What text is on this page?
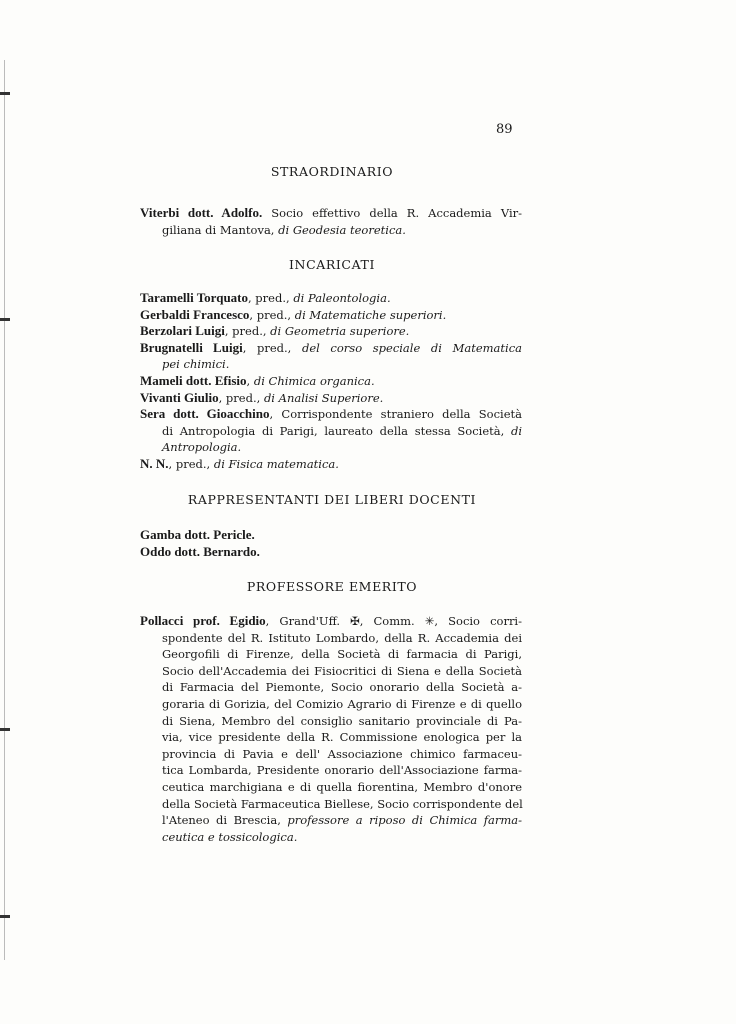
89
STRAORDINARIO
Viterbi dott. Adolfo. Socio effettivo della R. Accademia Vir-
giliana di Mantova, di Geodesia teoretica.
INCARICATI
Taramelli Torquato, pred., di Paleontologia.
Gerbaldi Francesco, pred., di Matematiche superiori.
Berzolari Luigi, pred., di Geometria superiore.
Brugnatelli Luigi, pred., del corso speciale di Matematica
pei chimici.
Mameli dott. Efisio, di Chimica organica.
Vivanti Giulio, pred., di Analisi Superiore.
Sera dott. Gioacchino, Corrispondente straniero della Società
di Antropologia di Parigi, laureato della stessa Società, di
Antropologia.
N. N., pred., di Fisica matematica.
RAPPRESENTANTI DEI LIBERI DOCENTI
Gamba dott. Pericle.
Oddo dott. Bernardo.
PROFESSORE EMERITO
Pollacci prof. Egidio, Grand'Uff. ✠, Comm. ✳, Socio corri-
spondente del R. Istituto Lombardo, della R. Accademia dei
Georgofili di Firenze, della Società di farmacia di Parigi,
Socio dell'Accademia dei Fisiocritici di Siena e della Società
di Farmacia del Piemonte, Socio onorario della Società a-
goraria di Gorizia, del Comizio Agrario di Firenze e di quello
di Siena, Membro del consiglio sanitario provinciale di Pa-
via, vice presidente della R. Commissione enologica per la
provincia di Pavia e dell' Associazione chimico farmaceu-
tica Lombarda, Presidente onorario dell'Associazione farma-
ceutica marchigiana e di quella fiorentina, Membro d'onore
della Società Farmaceutica Biellese, Socio corrispondente del
l'Ateneo di Brescia, professore a riposo di Chimica farma-
ceutica e tossicologica.
